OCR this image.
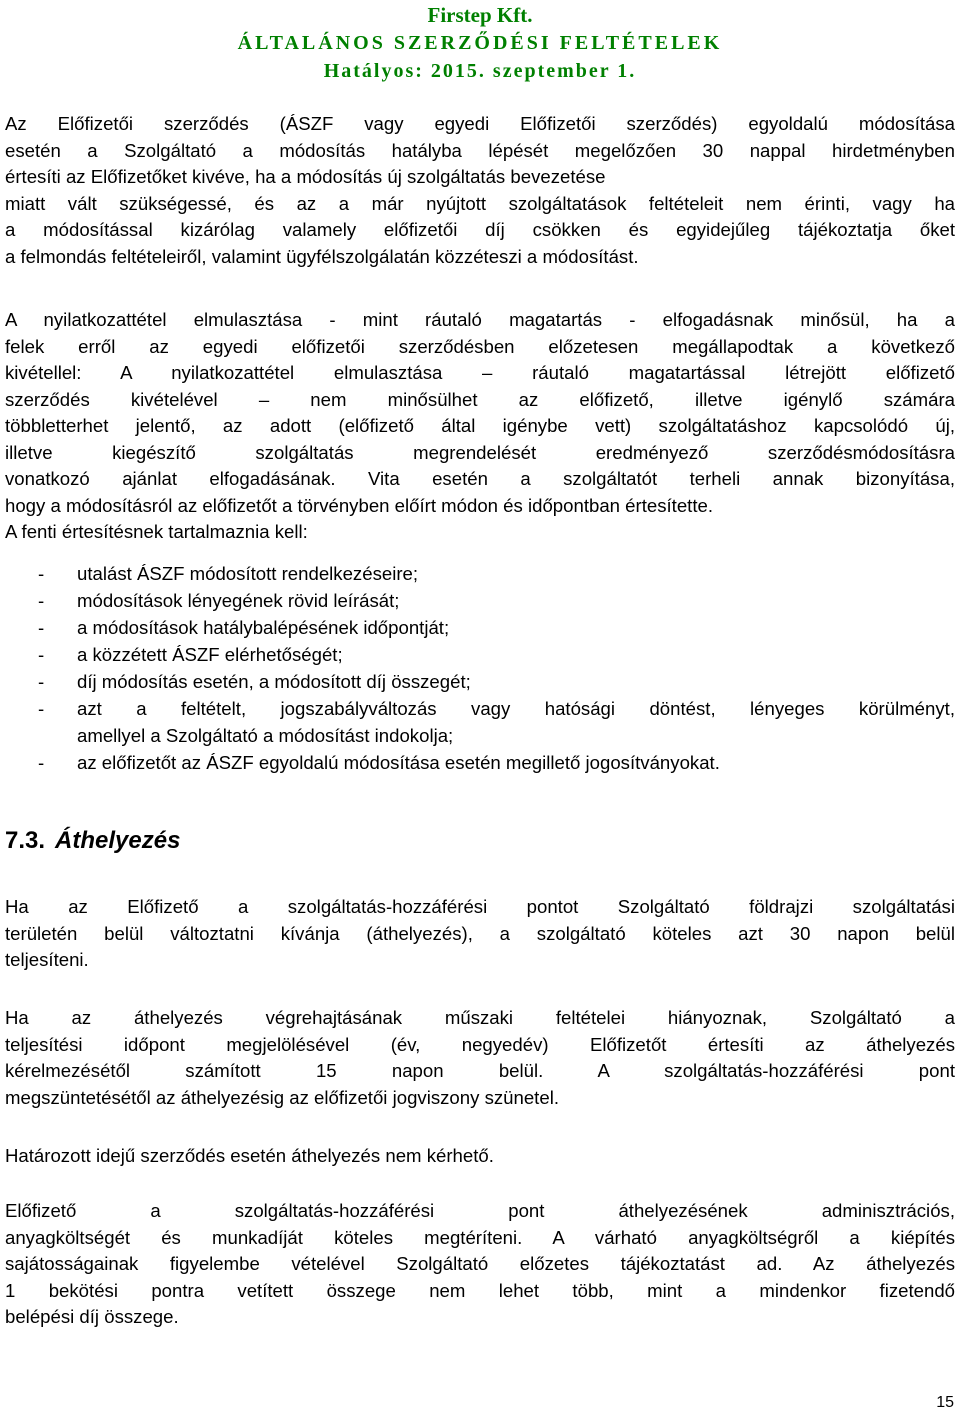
Firstep Kft.
ÁLTALÁNOS SZERZŐDÉSI FELTÉTELEK
Hatályos: 2015. szeptember 1.
Az Előfizetői szerződés (ÁSZF vagy egyedi Előfizetői szerződés) egyoldalú módosítása
esetén a Szolgáltató a módosítás hatályba lépését megelőzően 30 nappal hirdetményben
értesíti az Előfizetőket kivéve, ha a módosítás új szolgáltatás bevezetése
miatt vált szükségessé, és az a már nyújtott szolgáltatások feltételeit nem érinti, vagy ha
a módosítással kizárólag valamely előfizetői díj csökken és egyidejűleg tájékoztatja őket
a felmondás feltételeiről, valamint ügyfélszolgálatán közzéteszi a módosítást.
A nyilatkozattétel elmulasztása - mint ráutaló magatartás - elfogadásnak minősül, ha a
felek erről az egyedi előfizetői szerződésben előzetesen megállapodtak a következő
kivétellel: A nyilatkozattétel elmulasztása – ráutaló magatartással létrejött előfizető
szerződés kivételével – nem minősülhet az előfizető, illetve igénylő számára
többletterhet jelentő, az adott (előfizető által igénybe vett) szolgáltatáshoz kapcsolódó új,
illetve kiegészítő szolgáltatás megrendelését eredményező szerződésmódosításra
vonatkozó ajánlat elfogadásának. Vita esetén a szolgáltatót terheli annak bizonyítása,
hogy a módosításról az előfizetőt a törvényben előírt módon és időpontban értesítette.
A fenti értesítésnek tartalmaznia kell:
- utalást ÁSZF módosított rendelkezéseire;
- módosítások lényegének rövid leírását;
- a módosítások hatálybalépésének időpontját;
- a közzétett ÁSZF elérhetőségét;
- díj módosítás esetén, a módosított díj összegét;
- azt a feltételt, jogszabályváltozás vagy hatósági döntést, lényeges körülményt,
amellyel a Szolgáltató a módosítást indokolja;
- az előfizetőt az ÁSZF egyoldalú módosítása esetén megillető jogosítványokat.
7.3. Áthelyezés
Ha az Előfizető a szolgáltatás-hozzáférési pontot Szolgáltató földrajzi szolgáltatási
területén belül változtatni kívánja (áthelyezés), a szolgáltató köteles azt 30 napon belül
teljesíteni.
Ha az áthelyezés végrehajtásának műszaki feltételei hiányoznak, Szolgáltató a
teljesítési időpont megjelölésével (év, negyedév) Előfizetőt értesíti az áthelyezés
kérelmezésétől számított 15 napon belül. A szolgáltatás-hozzáférési pont
megszüntetésétől az áthelyezésig az előfizetői jogviszony szünetel.
Határozott idejű szerződés esetén áthelyezés nem kérhető.
Előfizető a szolgáltatás-hozzáférési pont áthelyezésének adminisztrációs,
anyagköltségét és munkadíját köteles megtéríteni. A várható anyagköltségről a kiépítés
sajátosságainak figyelembe vételével Szolgáltató előzetes tájékoztatást ad. Az áthelyezés
1 bekötési pontra vetített összege nem lehet több, mint a mindenkor fizetendő
belépési díj összege.
15
